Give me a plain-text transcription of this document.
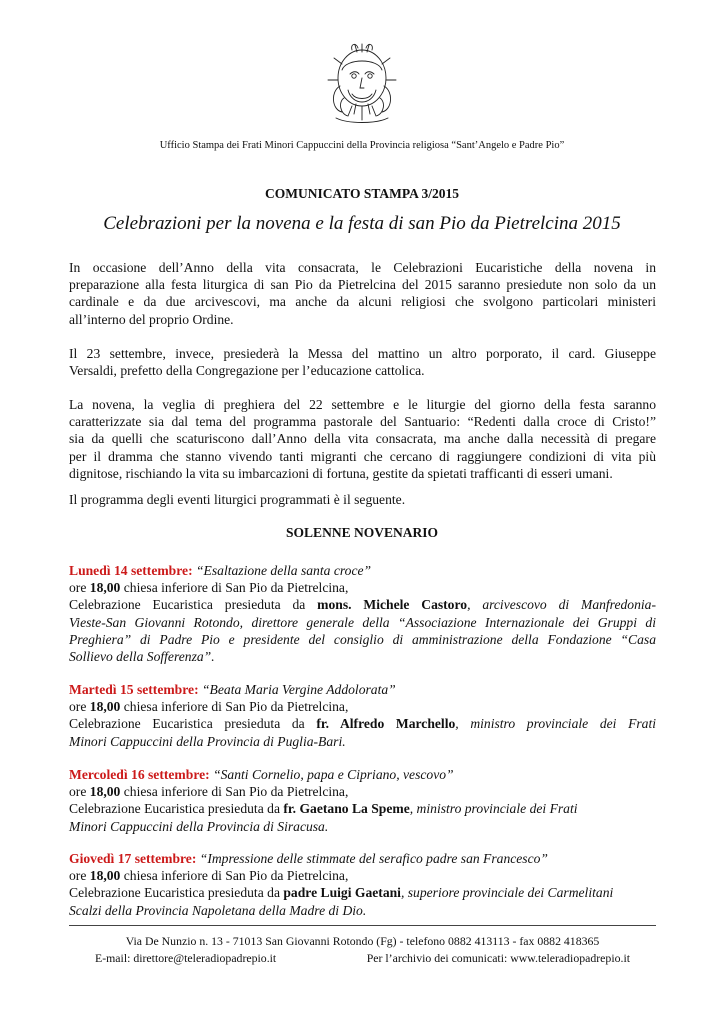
Ufficio Stampa dei Frati Minori Cappuccini della Provincia religiosa “Sant’Angelo e Padre Pio”
COMUNICATO STAMPA 3/2015
Celebrazioni per la novena e la festa di san Pio da Pietrelcina 2015

In occasione dell’Anno della vita consacrata, le Celebrazioni Eucaristiche della novena in
preparazione alla festa liturgica di san Pio da Pietrelcina del 2015 saranno presiedute non solo da un
cardinale e da due arcivescovi, ma anche da alcuni religiosi che svolgono particolari ministeri
all’interno del proprio Ordine.

Il 23 settembre, invece, presiederà la Messa del mattino un altro porporato, il card. Giuseppe
Versaldi, prefetto della Congregazione per l’educazione cattolica.

La novena, la veglia di preghiera del 22 settembre e le liturgie del giorno della festa saranno
caratterizzate sia dal tema del programma pastorale del Santuario: “Redenti dalla croce di Cristo!”
sia da quelli che scaturiscono dall’Anno della vita consacrata, ma anche dalla necessità di pregare
per il dramma che stanno vivendo tanti migranti che cercano di raggiungere condizioni di vita più
dignitose, rischiando la vita su imbarcazioni di fortuna, gestite da spietati trafficanti di esseri umani.

Il programma degli eventi liturgici programmati è il seguente.

SOLENNE NOVENARIO
Lunedì 14 settembre: “Esaltazione della santa croce”
ore 18,00 chiesa inferiore di San Pio da Pietrelcina,
Celebrazione Eucaristica presieduta da mons. Michele Castoro, arcivescovo di Manfredonia-
Vieste-San Giovanni Rotondo, direttore generale della “Associazione Internazionale dei Gruppi di
Preghiera” di Padre Pio e presidente del consiglio di amministrazione della Fondazione “Casa
Sollievo della Sofferenza”.
Martedì 15 settembre: “Beata Maria Vergine Addolorata”
ore 18,00 chiesa inferiore di San Pio da Pietrelcina,
Celebrazione Eucaristica presieduta da fr. Alfredo Marchello, ministro provinciale dei Frati
Minori Cappuccini della Provincia di Puglia-Bari.
Mercoledì 16 settembre: “Santi Cornelio, papa e Cipriano, vescovo”
ore 18,00 chiesa inferiore di San Pio da Pietrelcina,
Celebrazione Eucaristica presieduta da fr. Gaetano La Speme, ministro provinciale dei Frati
Minori Cappuccini della Provincia di Siracusa.
Giovedì 17 settembre: “Impressione delle stimmate del serafico padre san Francesco”
ore 18,00 chiesa inferiore di San Pio da Pietrelcina,
Celebrazione Eucaristica presieduta da padre Luigi Gaetani, superiore provinciale dei Carmelitani
Scalzi della Provincia Napoletana della Madre di Dio.
Via De Nunzio n. 13 - 71013 San Giovanni Rotondo (Fg) - telefono 0882 413113 - fax 0882 418365
E-mail: direttore@teleradiopadrepio.it	Per l’archivio dei comunicati: www.teleradiopadrepio.it
